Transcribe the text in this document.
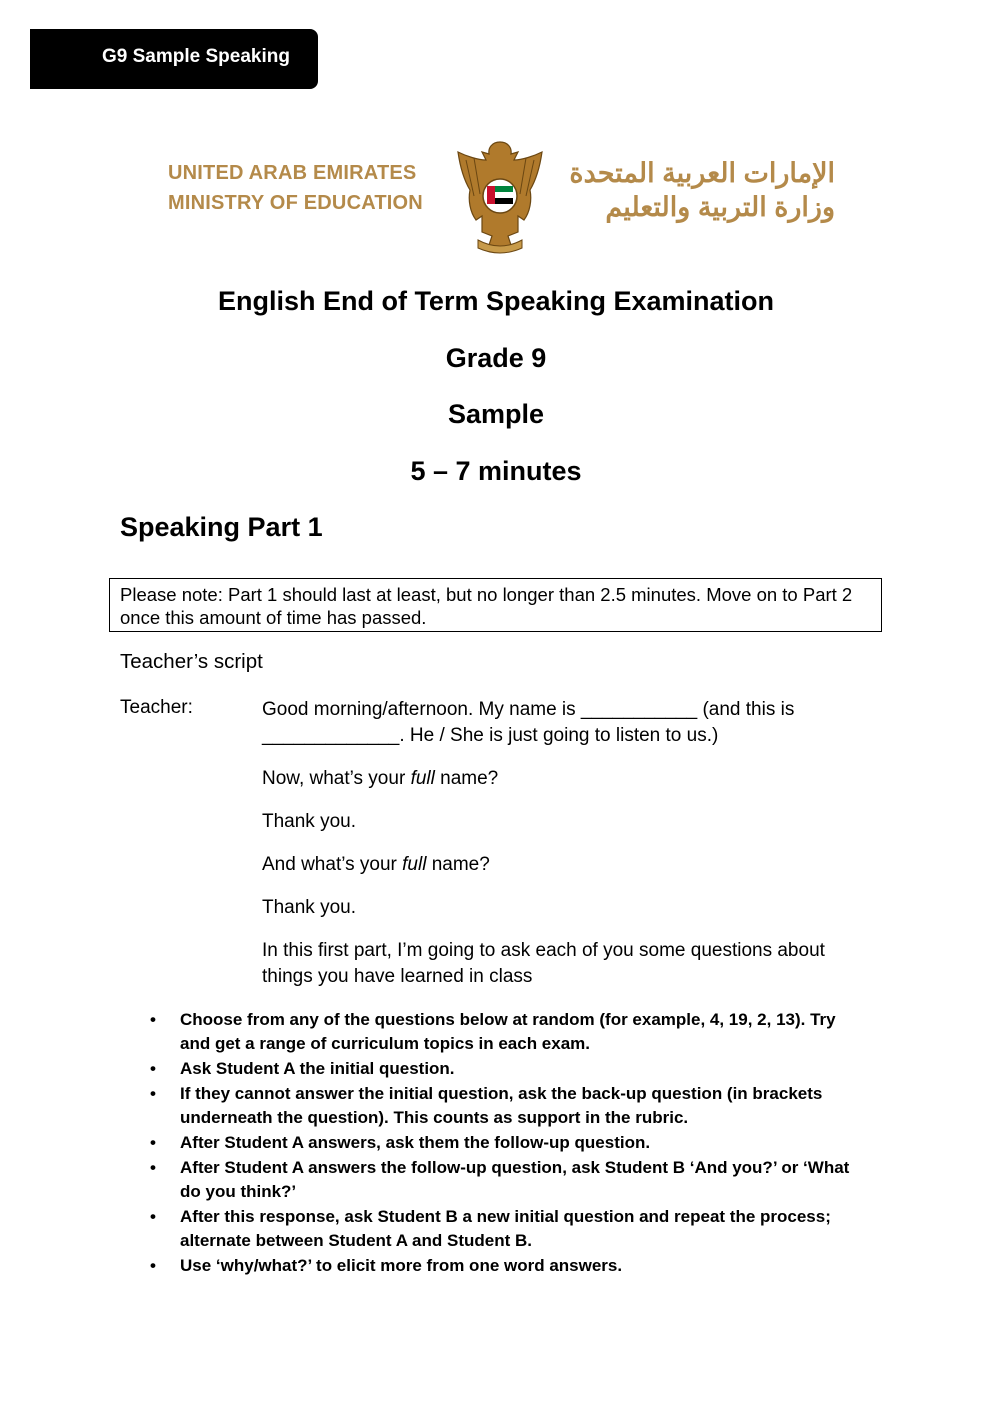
G9 Sample Speaking
UNITED ARAB EMIRATES
MINISTRY OF EDUCATION
الإمارات العربية المتحدة
وزارة التربية والتعليم
English End of Term Speaking Examination
Grade 9
Sample
5 – 7 minutes
Speaking Part 1
Please note: Part 1 should last at least, but no longer than 2.5 minutes. Move on to Part 2 once this amount of time has passed.
Teacher’s script
Teacher:	Good morning/afternoon. My name is ___________ (and this is _____________. He / She is just going to listen to us.)

Now, what’s your full name?

Thank you.

And what’s your full name?

Thank you.

In this first part, I’m going to ask each of you some questions about things you have learned in class

• Choose from any of the questions below at random (for example, 4, 19, 2, 13). Try and get a range of curriculum topics in each exam.
• Ask Student A the initial question.
• If they cannot answer the initial question, ask the back-up question (in brackets underneath the question). This counts as support in the rubric.
• After Student A answers, ask them the follow-up question.
• After Student A answers the follow-up question, ask Student B ‘And you?’ or ‘What do you think?’
• After this response, ask Student B a new initial question and repeat the process; alternate between Student A and Student B.
• Use ‘why/what?’ to elicit more from one word answers.
